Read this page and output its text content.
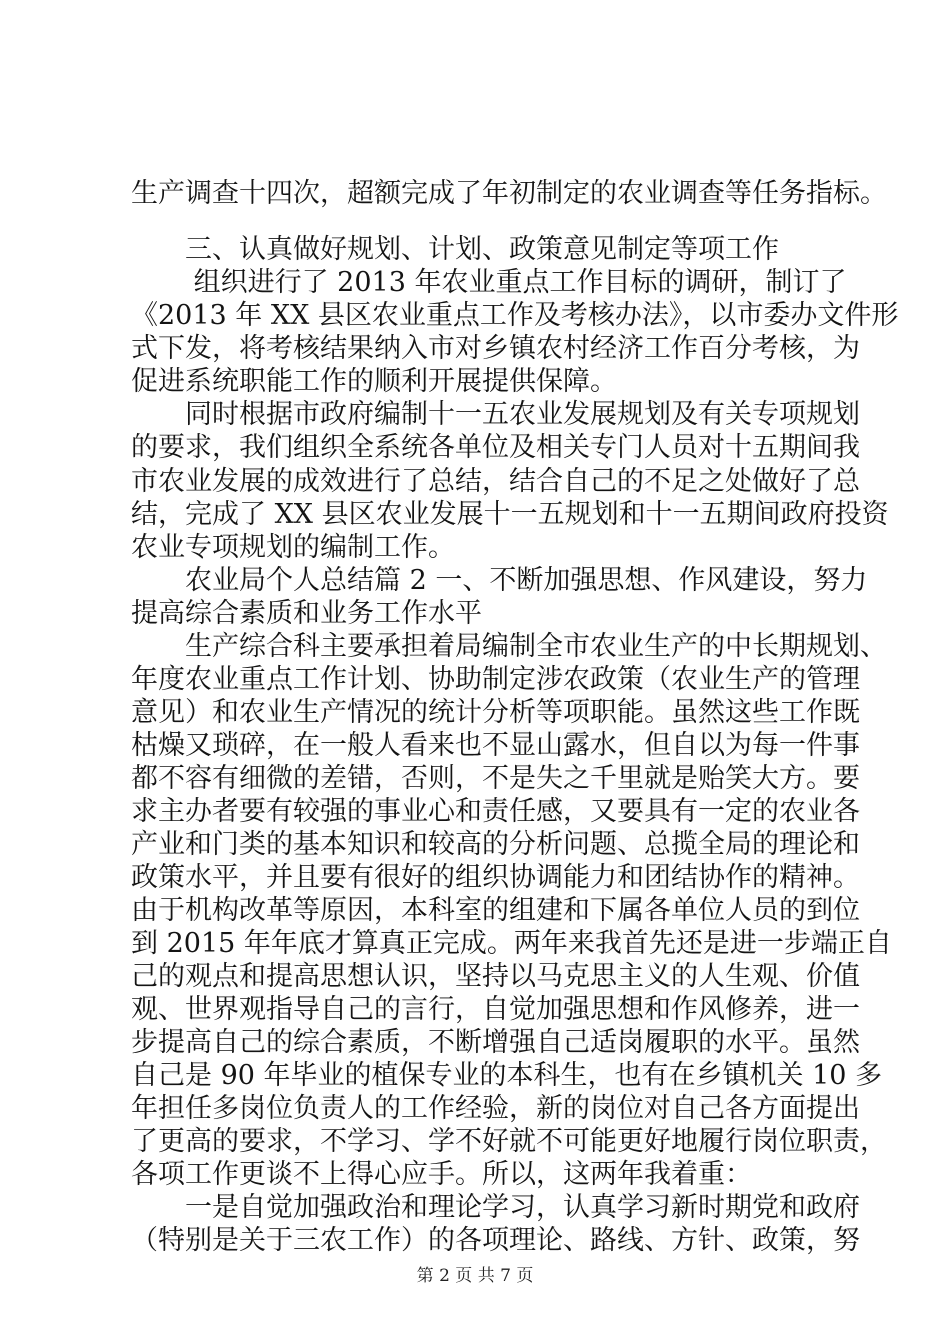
生产调查十四次，超额完成了年初制定的农业调查等任务指标。
　　三、认真做好规划、计划、政策意见制定等项工作
　　 组织进行了 2013 年农业重点工作目标的调研，制订了
《2013 年 XX 县区农业重点工作及考核办法》，以市委办文件形
式下发，将考核结果纳入市对乡镇农村经济工作百分考核，为
促进系统职能工作的顺利开展提供保障。
　　同时根据市政府编制十一五农业发展规划及有关专项规划
的要求，我们组织全系统各单位及相关专门人员对十五期间我
市农业发展的成效进行了总结，结合自己的不足之处做好了总
结，完成了 XX 县区农业发展十一五规划和十一五期间政府投资
农业专项规划的编制工作。
　　农业局个人总结篇 2 一、不断加强思想、作风建设，努力
提高综合素质和业务工作水平
　　生产综合科主要承担着局编制全市农业生产的中长期规划、
年度农业重点工作计划、协助制定涉农政策（农业生产的管理
意见）和农业生产情况的统计分析等项职能。虽然这些工作既
枯燥又琐碎，在一般人看来也不显山露水，但自以为每一件事
都不容有细微的差错，否则，不是失之千里就是贻笑大方。要
求主办者要有较强的事业心和责任感，又要具有一定的农业各
产业和门类的基本知识和较高的分析问题、总揽全局的理论和
政策水平，并且要有很好的组织协调能力和团结协作的精神。
由于机构改革等原因，本科室的组建和下属各单位人员的到位
到 2015 年年底才算真正完成。两年来我首先还是进一步端正自
己的观点和提高思想认识，坚持以马克思主义的人生观、价值
观、世界观指导自己的言行，自觉加强思想和作风修养，进一
步提高自己的综合素质，不断增强自己适岗履职的水平。虽然
自己是 90 年毕业的植保专业的本科生，也有在乡镇机关 10 多
年担任多岗位负责人的工作经验，新的岗位对自己各方面提出
了更高的要求，不学习、学不好就不可能更好地履行岗位职责，
各项工作更谈不上得心应手。所以，这两年我着重：
　　一是自觉加强政治和理论学习，认真学习新时期党和政府
（特别是关于三农工作）的各项理论、路线、方针、政策，努
第 2 页 共 7 页
